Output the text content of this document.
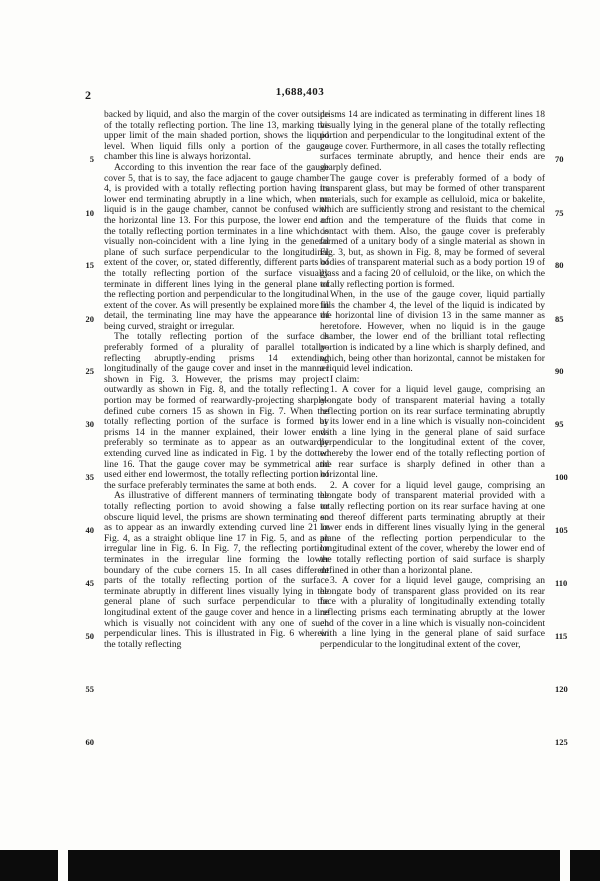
2	1,688,403

backed by liquid, and also the margin of the cover outside of the totally reflecting portion. The line 13, marking the upper limit of the main shaded portion, shows the liquid level. When liquid fills only a portion of the gauge chamber this line is always horizontal.

According to this invention the rear face of the gauge cover 5, that is to say, the face adjacent to gauge chamber 4, is provided with a totally reflecting portion having its lower end terminating abruptly in a line which, when no liquid is in the gauge chamber, cannot be confused with the horizontal line 13. For this purpose, the lower end of the totally reflecting portion terminates in a line which is visually non-coincident with a line lying in the general plane of such surface perpendicular to the longitudinal extent of the cover, or, stated differently, different parts of the totally reflecting portion of the surface visually terminate in different lines lying in the general plane of the reflecting portion and perpendicular to the longitudinal extent of the cover. As will presently be explained more in detail, the terminating line may have the appearance of being curved, straight or irregular.

The totally reflecting portion of the surface is preferably formed of a plurality of parallel totally-reflecting abruptly-ending prisms 14 extending longitudinally of the gauge cover and inset in the manner shown in Fig. 3. However, the prisms may project outwardly as shown in Fig. 8, and the totally reflecting portion may be formed of rearwardly-projecting sharply-defined cube corners 15 as shown in Fig. 7. When the totally reflecting portion of the surface is formed by prisms 14 in the manner explained, their lower ends preferably so terminate as to appear as an outwardly extending curved line as indicated in Fig. 1 by the dotted line 16. That the gauge cover may be symmetrical and used either end lowermost, the totally reflecting portion of the surface preferably terminates the same at both ends.

As illustrative of different manners of terminating the totally reflecting portion to avoid showing a false or obscure liquid level, the prisms are shown terminating so as to appear as an inwardly extending curved line 21 in Fig. 4, as a straight oblique line 17 in Fig. 5, and as an irregular line in Fig. 6. In Fig. 7, the reflecting portion terminates in the irregular line forming the lower boundary of the cube corners 15. In all cases different parts of the totally reflecting portion of the surface terminate abruptly in different lines visually lying in the general plane of such surface perpendicular to the longitudinal extent of the gauge cover and hence in a line which is visually not coincident with any one of such perpendicular lines. This is illustrated in Fig. 6 wherein the totally reflecting

prisms 14 are indicated as terminating in different lines 18 visually lying in the general plane of the totally reflecting portion and perpendicular to the longitudinal extent of the gauge cover. Furthermore, in all cases the totally reflecting surfaces terminate abruptly, and hence their ends are sharply defined.

The gauge cover is preferably formed of a body of transparent glass, but may be formed of other transparent materials, such for example as celluloid, mica or bakelite, which are sufficiently strong and resistant to the chemical action and the temperature of the fluids that come in contact with them. Also, the gauge cover is preferably formed of a unitary body of a single material as shown in Fig. 3, but, as shown in Fig. 8, may be formed of several bodies of transparent material such as a body portion 19 of glass and a facing 20 of celluloid, or the like, on which the totally reflecting portion is formed.

When, in the use of the gauge cover, liquid partially fills the chamber 4, the level of the liquid is indicated by the horizontal line of division 13 in the same manner as heretofore. However, when no liquid is in the gauge chamber, the lower end of the brilliant total reflecting portion is indicated by a line which is sharply defined, and which, being other than horizontal, cannot be mistaken for a liquid level indication.

I claim:

1. A cover for a liquid level gauge, comprising an elongate body of transparent material having a totally reflecting portion on its rear surface terminating abruptly at its lower end in a line which is visually non-coincident with a line lying in the general plane of said surface perpendicular to the longitudinal extent of the cover, whereby the lower end of the totally reflecting portion of the rear surface is sharply defined in other than a horizontal line.

2. A cover for a liquid level gauge, comprising an elongate body of transparent material provided with a totally reflecting portion on its rear surface having at one end thereof different parts terminating abruptly at their lower ends in different lines visually lying in the general plane of the reflecting portion perpendicular to the longitudinal extent of the cover, whereby the lower end of the totally reflecting portion of said surface is sharply defined in other than a horizontal plane.

3. A cover for a liquid level gauge, comprising an elongate body of transparent glass provided on its rear face with a plurality of longitudinally extending totally reflecting prisms each terminating abruptly at the lower end of the cover in a line which is visually non-coincident with a line lying in the general plane of said surface perpendicular to the longitudinal extent of the cover,

5
10
15
20
25
30
35
40
45
50
55
60
70
75
80
85
90
95
100
105
110
115
120
125
